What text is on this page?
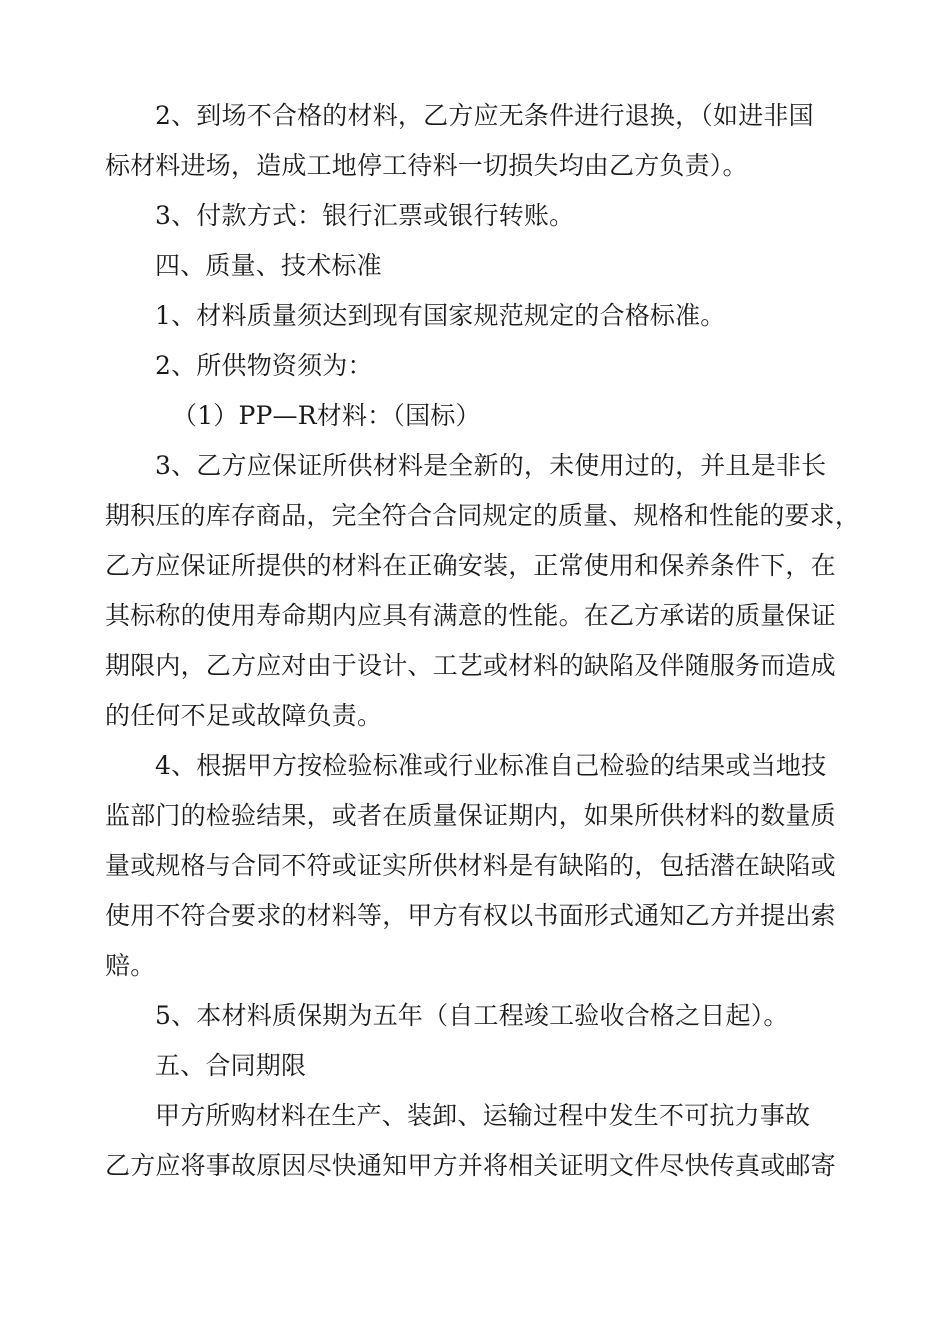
2、到场不合格的材料，乙方应无条件进行退换，（如进非国
标材料进场，造成工地停工待料一切损失均由乙方负责）。
3、付款方式：银行汇票或银行转账。
四、质量、技术标准
1、材料质量须达到现有国家规范规定的合格标准。
2、所供物资须为：
（1）PP—R材料：（国标）
3、乙方应保证所供材料是全新的，未使用过的，并且是非长
期积压的库存商品，完全符合合同规定的质量、规格和性能的要求，
乙方应保证所提供的材料在正确安装，正常使用和保养条件下，在
其标称的使用寿命期内应具有满意的性能。在乙方承诺的质量保证
期限内，乙方应对由于设计、工艺或材料的缺陷及伴随服务而造成
的任何不足或故障负责。
4、根据甲方按检验标准或行业标准自己检验的结果或当地技
监部门的检验结果，或者在质量保证期内，如果所供材料的数量质
量或规格与合同不符或证实所供材料是有缺陷的，包括潜在缺陷或
使用不符合要求的材料等，甲方有权以书面形式通知乙方并提出索
赔。
5、本材料质保期为五年（自工程竣工验收合格之日起）。
五、合同期限
甲方所购材料在生产、装卸、运输过程中发生不可抗力事故
乙方应将事故原因尽快通知甲方并将相关证明文件尽快传真或邮寄
